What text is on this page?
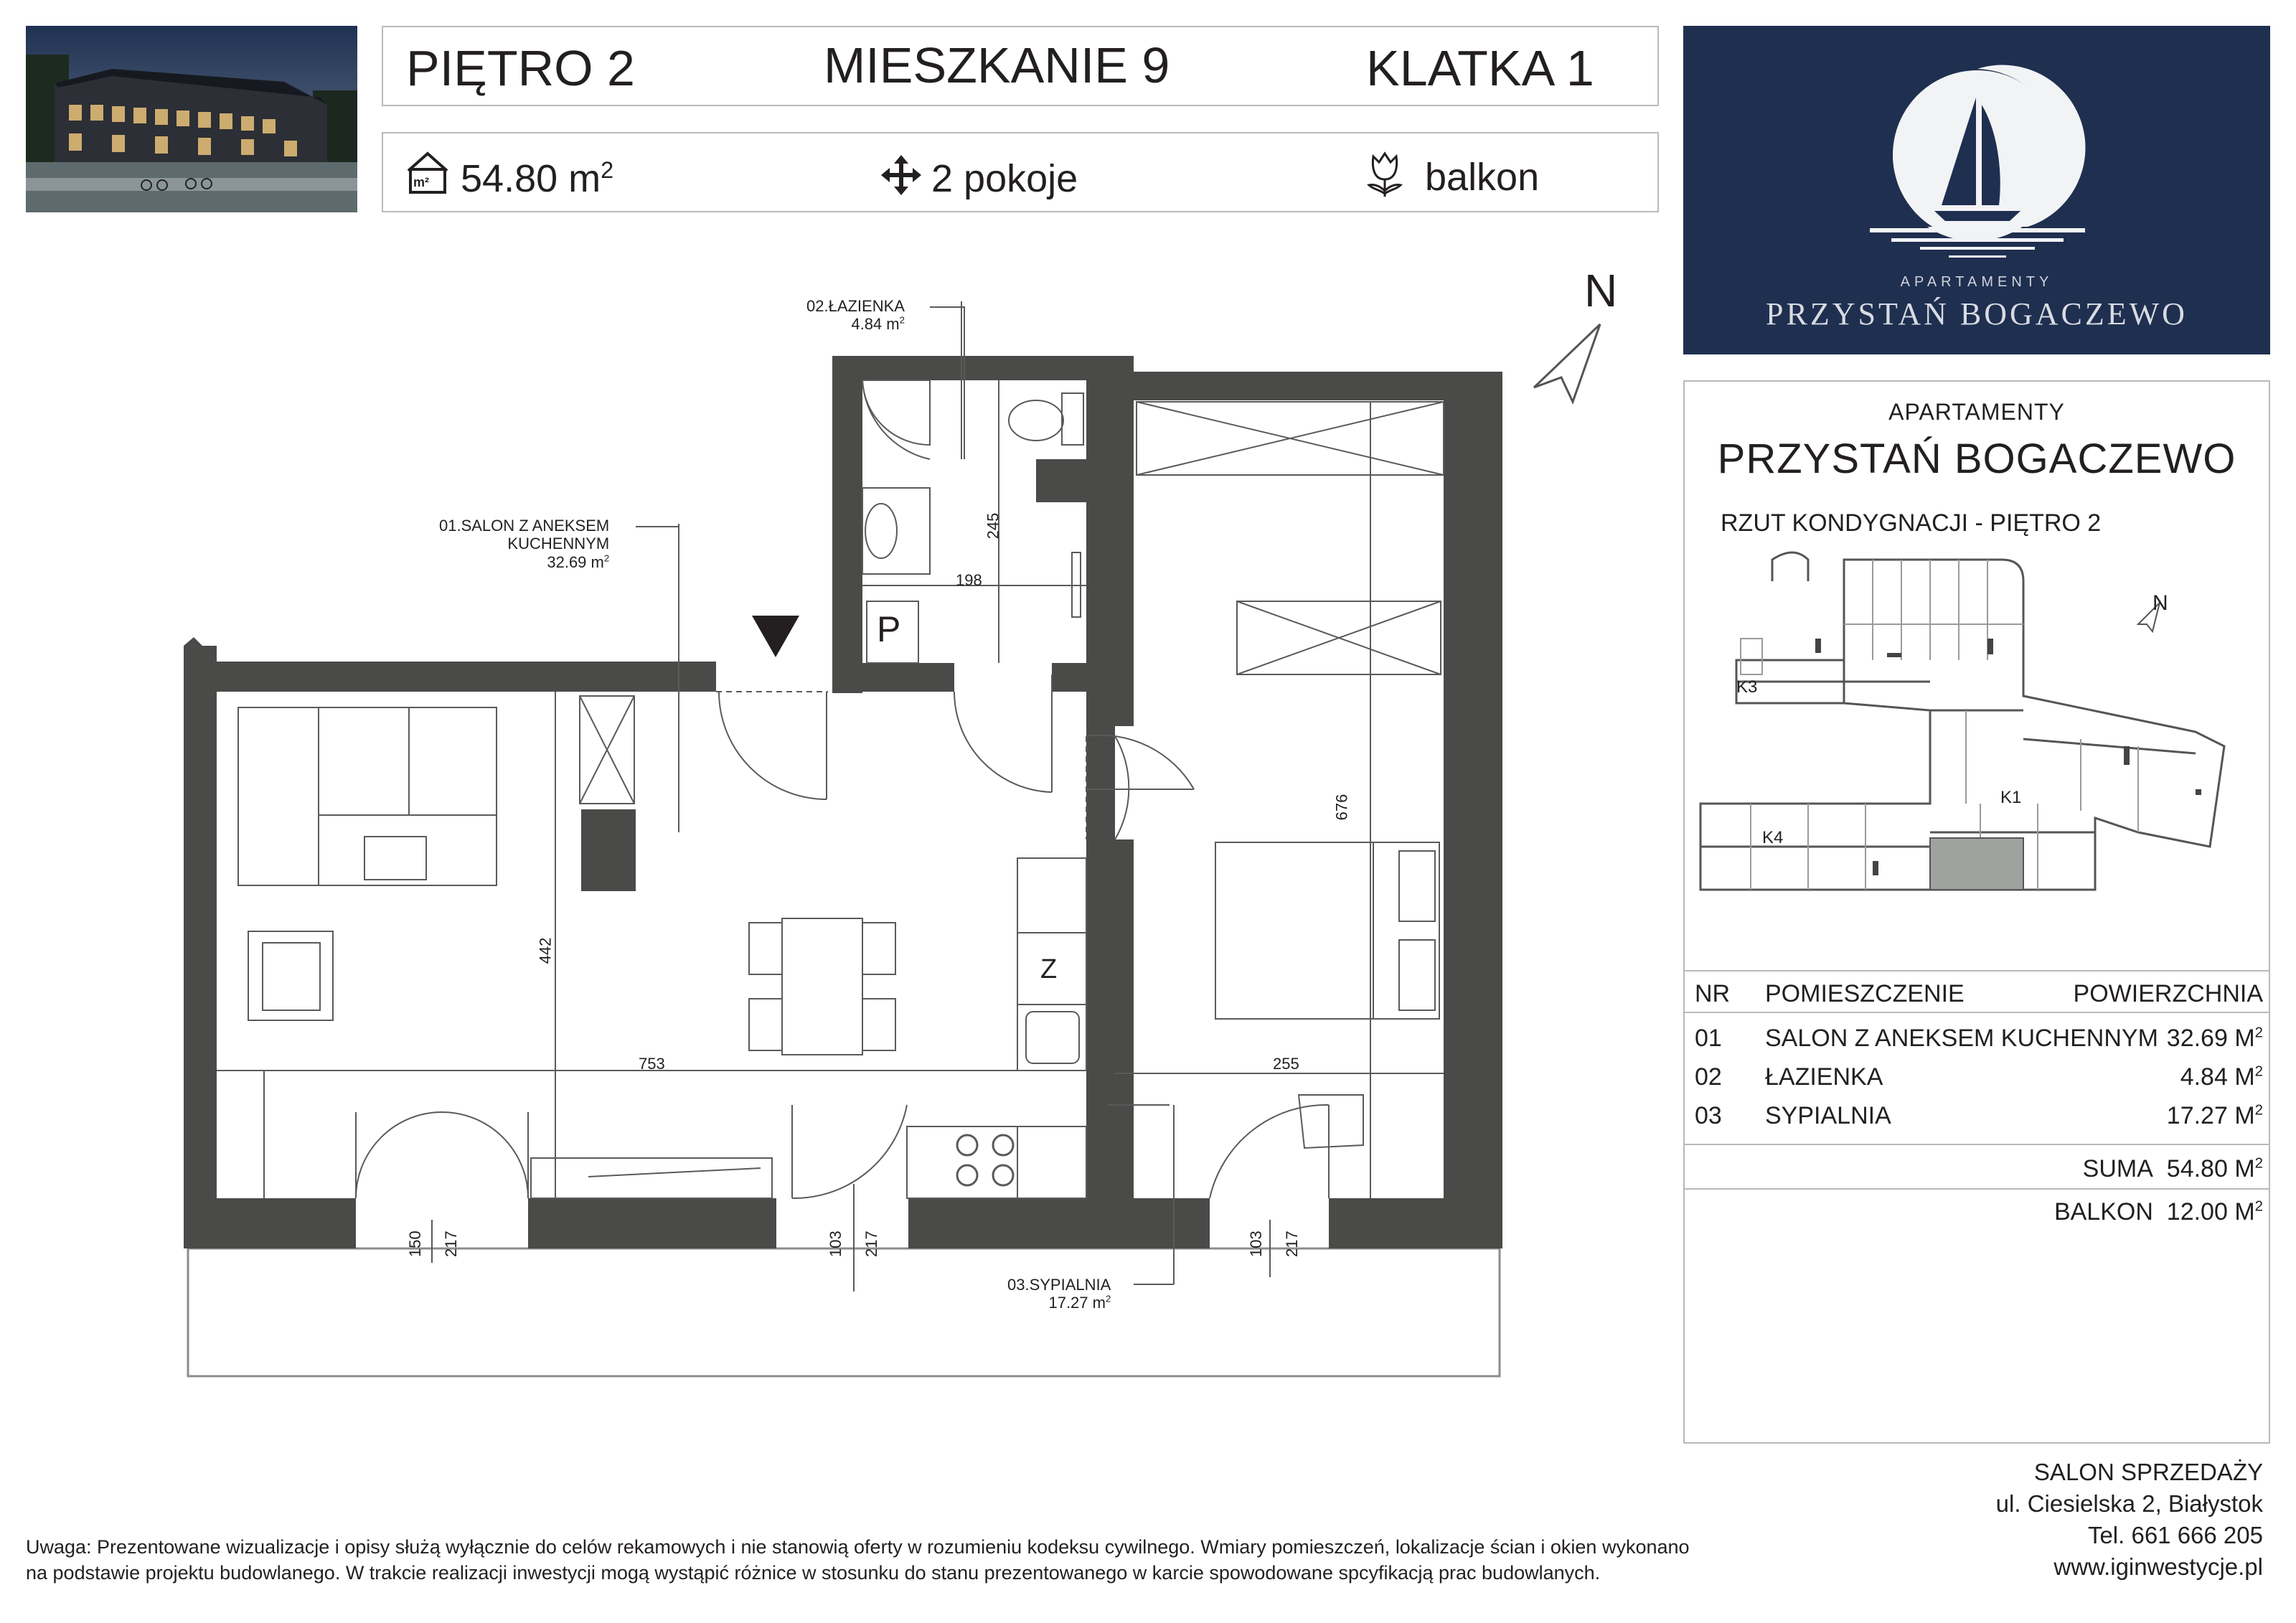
PIĘTRO 2	MIESZKANIE 9	KLATKA 1
m² 54.80 $m^2$	2 pokoje	balkon
APARTAMENTY
PRZYSTAŃ BOGACZEWO
APARTAMENTY
PRZYSTAŃ BOGACZEWO
RZUT KONDYGNACJI - PIĘTRO 2
N
K3
K1
K4
NR POMIESZCZENIE	POWIERZCHNIA
01 SALON Z ANEKSEM KUCHENNYM 32.69 $M^2$
02 ŁAZIENKA	4.84 $M^2$
03 SYPIALNIA	17.27 $M^2$
SUMA 54.80 $M^2$
BALKON 12.00 $M^2$
N
02.ŁAZIENKA
4.84 $m^2$
01.SALON Z ANEKSEM
KUCHENNYM
32.69 $m^2$
03.SYPIALNIA
17.27 $m^2$
753
442
198
245
255
676
150 217	103 217	103 217
Z
P
Uwaga: Prezentowane wizualizacje i opisy służą wyłącznie do celów rekamowych i nie stanowią oferty w rozumieniu kodeksu cywilnego. Wmiary pomieszczeń, lokalizacje ścian i okien wykonano
na podstawie projektu budowlanego. W trakcie realizacji inwestycji mogą wystąpić różnice w stosunku do stanu prezentowanego w karcie spowodowane spcyfikacją prac budowlanych.
SALON SPRZEDAŻY
ul. Ciesielska 2, Białystok
Tel. 661 666 205
www.iginwestycje.pl
